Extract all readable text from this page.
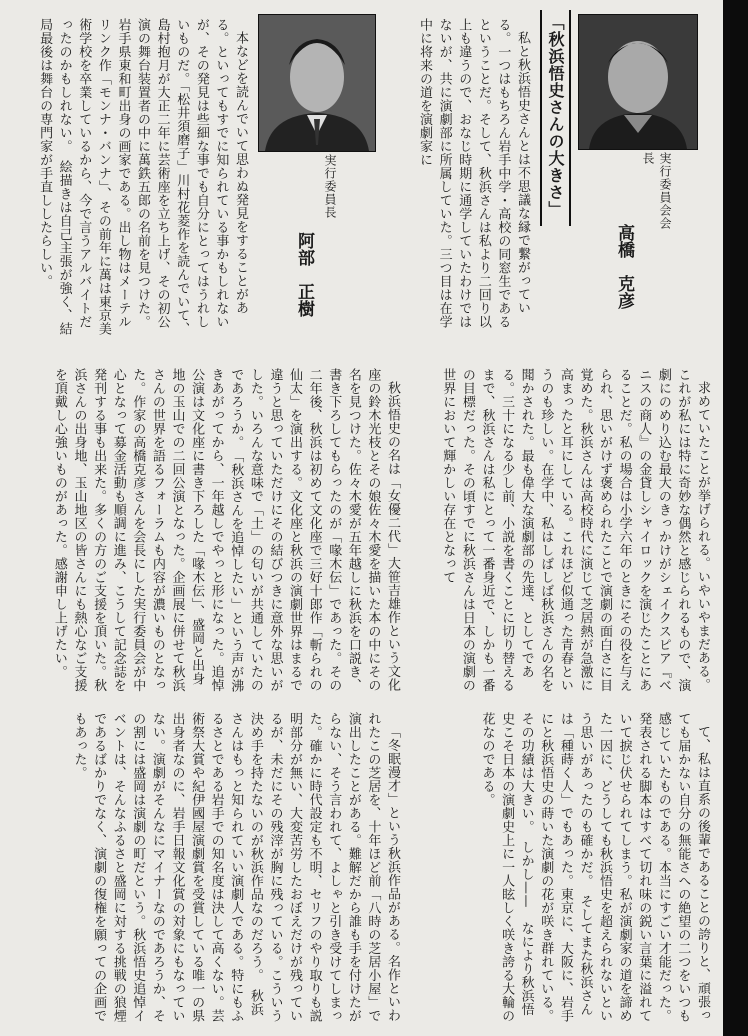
実行委員会会長
高橋　克彦
実行委員長
阿部　正樹
「秋浜悟史さんの大きさ」

私と秋浜悟史さんとは不思議な縁で繋がっている。一つはもちろん岩手中学・高校の同窓生であるということだ。そして、秋浜さんは私より二回り以上も違うので、おなじ時期に通学していたわけではないが、共に演劇部に所属していた。三つ目は在学中に将来の道を演劇家に

本などを読んでいて思わぬ発見をすることがある。といってもすでに知られている事かもしれないが、その発見は些細な事でも自分にとってはうれしいものだ。「松井須磨子」川村花菱作を読んでいて、島村抱月が大正二年に芸術座を立ち上げ、その初公演の舞台装置者の中に萬鉄五郎の名前を見つけた。岩手県東和町出身の画家である。出し物はメーテルリンク作「モンナ・バンナ」、その前年に萬は東京美術学校を卒業しているから、今で言うアルバイトだったのかもしれない。　絵描きは自己主張が強く、結局最後は舞台の専門家が手直ししたらしい。

求めていたことが挙げられる。いやいやまだある。これが私には特に奇妙な偶然と感じられるもので、演劇にのめり込む最大のきっかけがシェイクスピア『ベニスの商人』の金貸しシャイロックを演じたことにあることだ。私の場合は小学六年のときにその役を与えられ、思いがけず褒められたことで演劇の面白さに目覚めた。秋浜さんは高校時代に演じて芝居熱が急激に高まったと耳にしている。これほど似通った青春というのも珍しい。在学中、私はしばしば秋浜さんの名を聞かされた。最も偉大な演劇部の先達、としてである。三十になる少し前、小説を書くことに切り替えるまで、秋浜さんは私にとって一番身近で、しかも一番の目標だった。その頃すでに秋浜さんは日本の演劇の世界において輝かしい存在となって

秋浜悟史の名は「女優二代」大笹吉雄作という文化座の鈴木光枝とその娘佐々木愛を描いた本の中にその名を見つけた。佐々木愛が五年越しに秋浜を口説き、書き下ろしてもらったのが「喙木伝」であった。その二年後、秋浜は初めて文化座で三好十郎作「斬られの仙太」を演出する。文化座と秋浜の演劇世界はまるで違うと思っていただけにその結びつきに意外な思いがした。いろんな意味で「土」の匂いが共通していたのであろうか。　「秋浜さんを追悼したい」という声が沸きあがってから、一年越しでやっと形になった。追悼公演は文化座に書き下ろした「喙木伝」、盛岡と出身地の玉山での二回公演となった。企画展に併せて秋浜さんの世界を語るフォーラムも内容が濃いものとなった。作家の高橋克彦さんを会長にした実行委員会が中心となって募金活動も順調に進み、こうして記念誌を発刊する事も出来た。多くの方のご支援を頂いた。秋浜さんの出身地、玉山地区の皆さんにも熱心なご支援を頂戴し心強いものがあった。感謝申し上げたい。

て、私は直系の後輩であることの誇りと、頑張っても届かない自分の無能さへの絶望の二つをいつも感じていたものである。本当にすごい才能だった。発表される脚本はすべて切れ味の鋭い言葉に溢れていて捩じ伏せられてしまう。私が演劇家の道を諦めた一因に、どうしても秋浜悟史を超えられないという思いがあったのも確かだ。　そしてまた秋浜さんは「種蒔く人」でもあった。東京に、大阪に、岩手にと秋浜悟史の蒔いた演劇の花が咲き群れている。その功績は大きい。　しかし——　なにより秋浜悟史こそ日本の演劇史上に一人眩しく咲き誇る大輪の花なのである。

「冬眠漫才」という秋浜作品がある。名作といわれたこの芝居を、十年ほど前「八時の芝居小屋」で演出したことがある。難解だから誰も手を付けたがらない、そう言われて、よしゃと引き受けてしまった。確かに時代設定も不明、セリフのやり取りも説明部分が無い、大変苦労したおぼえだけが残っているが、未だにその残滓が胸に残っている。こういう決め手を持たないのが秋浜作品なのだろう。　秋浜さんはもっと知られていい演劇人である。特にもふるさとである岩手での知名度は決して高くない。芸術祭大賞や紀伊國屋演劇賞を受賞している唯一の県出身者なのに、岩手日報文化賞の対象にもなっていない。演劇がそんなにマイナーなのであろうか、その割には盛岡は演劇の町だという。秋浜悟史追悼イベントは、そんなふるさと盛岡に対する挑戦の狼煙であるばかりでなく、演劇の復権を願っての企画でもあった。
